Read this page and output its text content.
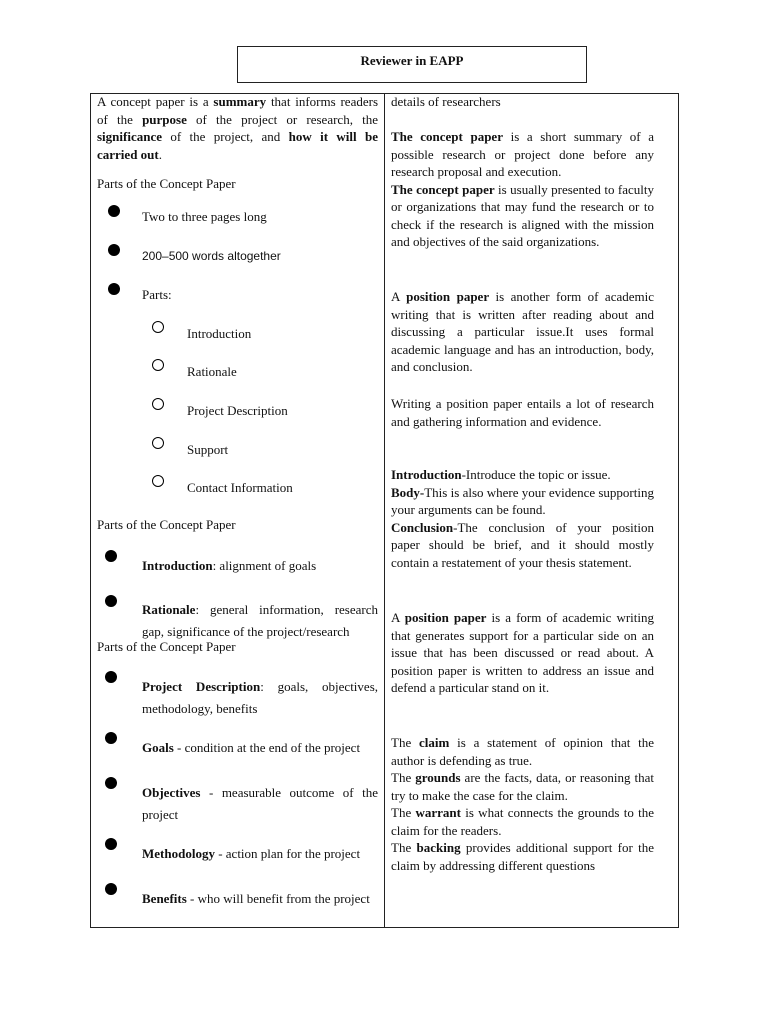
Reviewer in EAPP
A concept paper is a summary that informs readers of the purpose of the project or research, the significance of the project, and how it will be carried out.
Parts of the Concept Paper
Two to three pages long
200–500 words altogether
Parts:
Introduction
Rationale
Project Description
Support
Contact Information
Parts of the Concept Paper
Introduction: alignment of goals
Rationale: general information, research gap, significance of the project/research
Parts of the Concept Paper
Project Description: goals, objectives, methodology, benefits
Goals - condition at the end of the project
Objectives - measurable outcome of the project
Methodology - action plan for the project
Benefits - who will benefit from the project
details of researchers
The concept paper is a short summary of a possible research or project done before any research proposal and execution.
The concept paper is usually presented to faculty or organizations that may fund the research or to check if the research is aligned with the mission and objectives of the said organizations.
A position paper is another form of academic writing that is written after reading about and discussing a particular issue.It uses formal academic language and has an introduction, body, and conclusion.
Writing a position paper entails a lot of research and gathering information and evidence.
Introduction-Introduce the topic or issue.
Body-This is also where your evidence supporting your arguments can be found.
Conclusion-The conclusion of your position paper should be brief, and it should mostly contain a restatement of your thesis statement.
A position paper is a form of academic writing that generates support for a particular side on an issue that has been discussed or read about. A position paper is written to address an issue and defend a particular stand on it.
The claim is a statement of opinion that the author is defending as true.
The grounds are the facts, data, or reasoning that try to make the case for the claim.
The warrant is what connects the grounds to the claim for the readers.
The backing provides additional support for the claim by addressing different questions
